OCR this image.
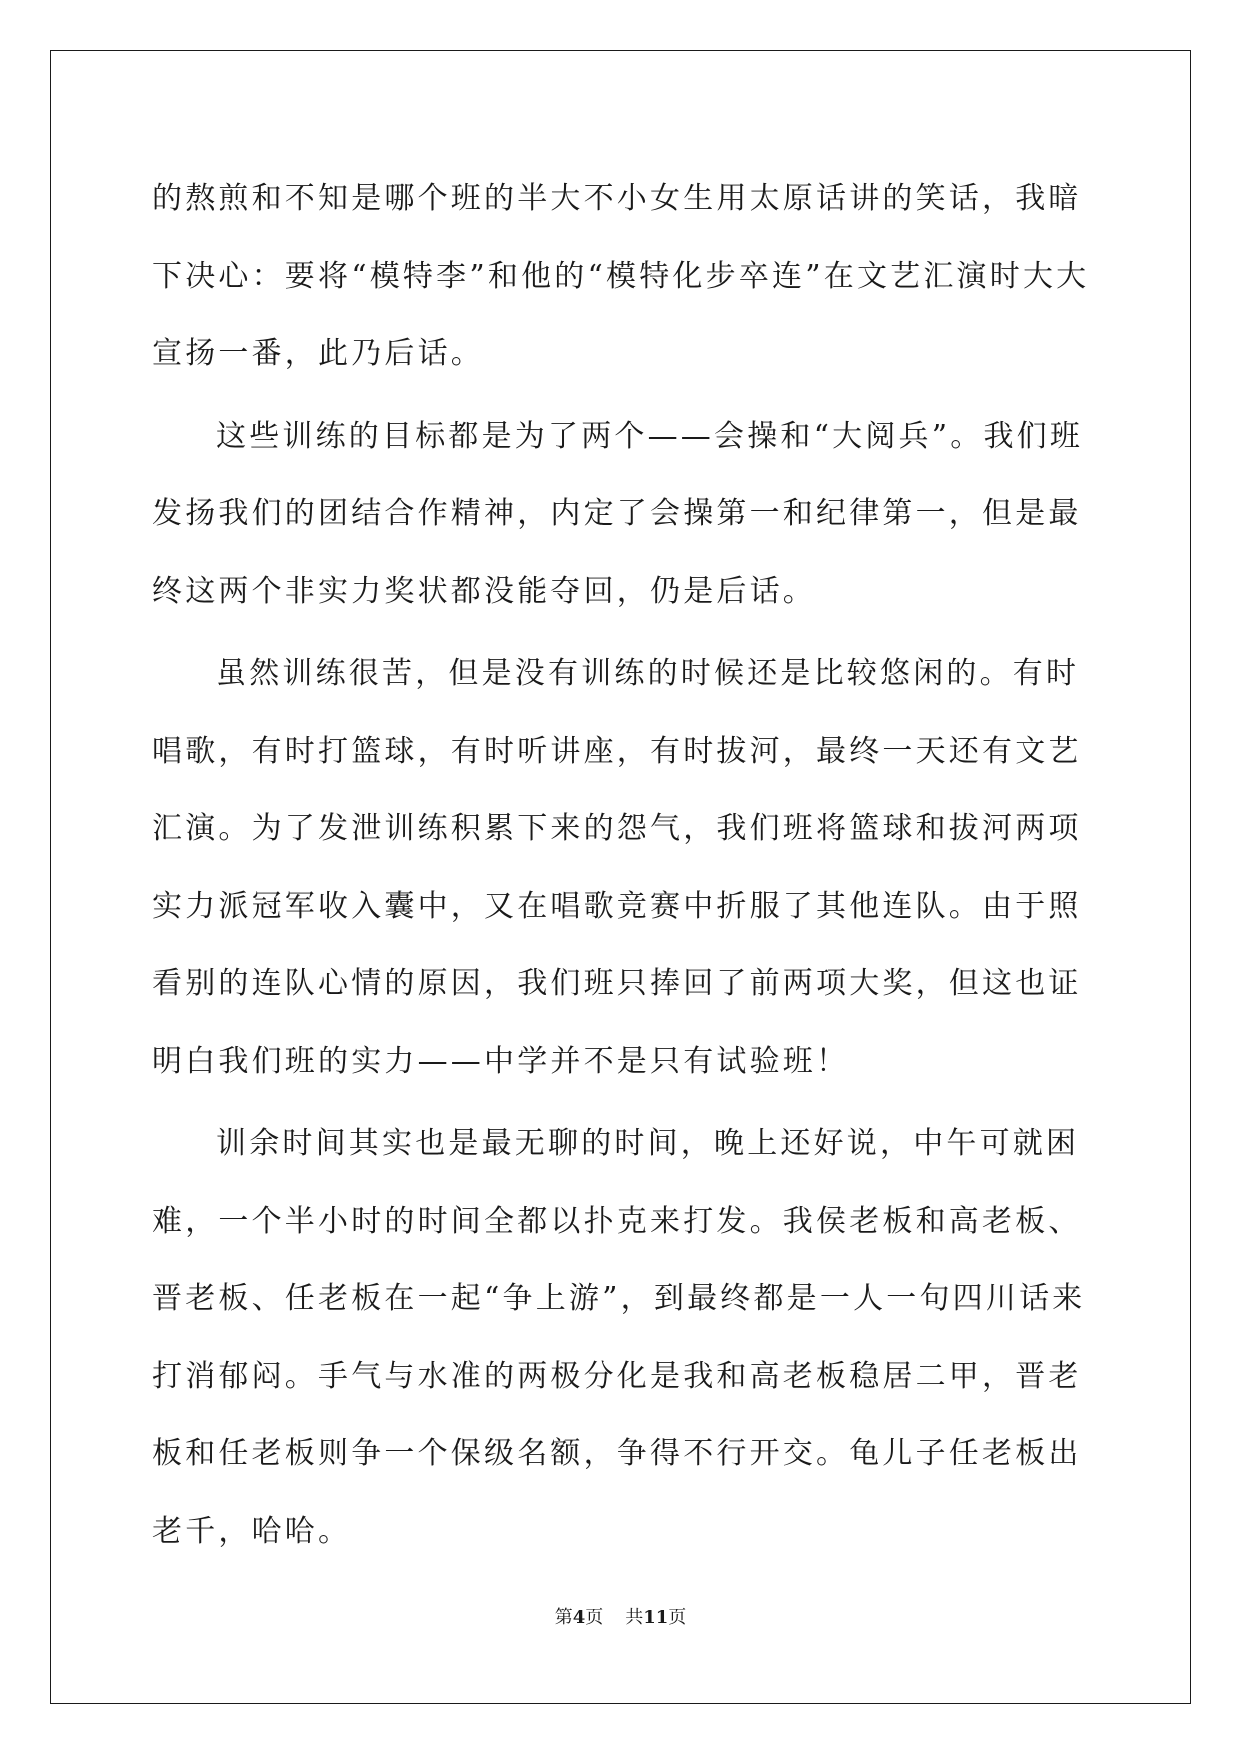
的熬煎和不知是哪个班的半大不小女生用太原话讲的笑话，我暗下决心：要将“模特李”和他的“模特化步卒连”在文艺汇演时大大宣扬一番，此乃后话。

这些训练的目标都是为了两个——会操和“大阅兵”。我们班发扬我们的团结合作精神，内定了会操第一和纪律第一，但是最终这两个非实力奖状都没能夺回，仍是后话。

虽然训练很苦，但是没有训练的时候还是比较悠闲的。有时唱歌，有时打篮球，有时听讲座，有时拔河，最终一天还有文艺汇演。为了发泄训练积累下来的怨气，我们班将篮球和拔河两项实力派冠军收入囊中，又在唱歌竞赛中折服了其他连队。由于照看别的连队心情的原因，我们班只捧回了前两项大奖，但这也证明白我们班的实力——中学并不是只有试验班！

训余时间其实也是最无聊的时间，晚上还好说，中午可就困难，一个半小时的时间全都以扑克来打发。我侯老板和高老板、晋老板、任老板在一起“争上游”，到最终都是一人一句四川话来打消郁闷。手气与水准的两极分化是我和高老板稳居二甲，晋老板和任老板则争一个保级名额，争得不行开交。龟儿子任老板出老千，哈哈。

第4页 共11页
